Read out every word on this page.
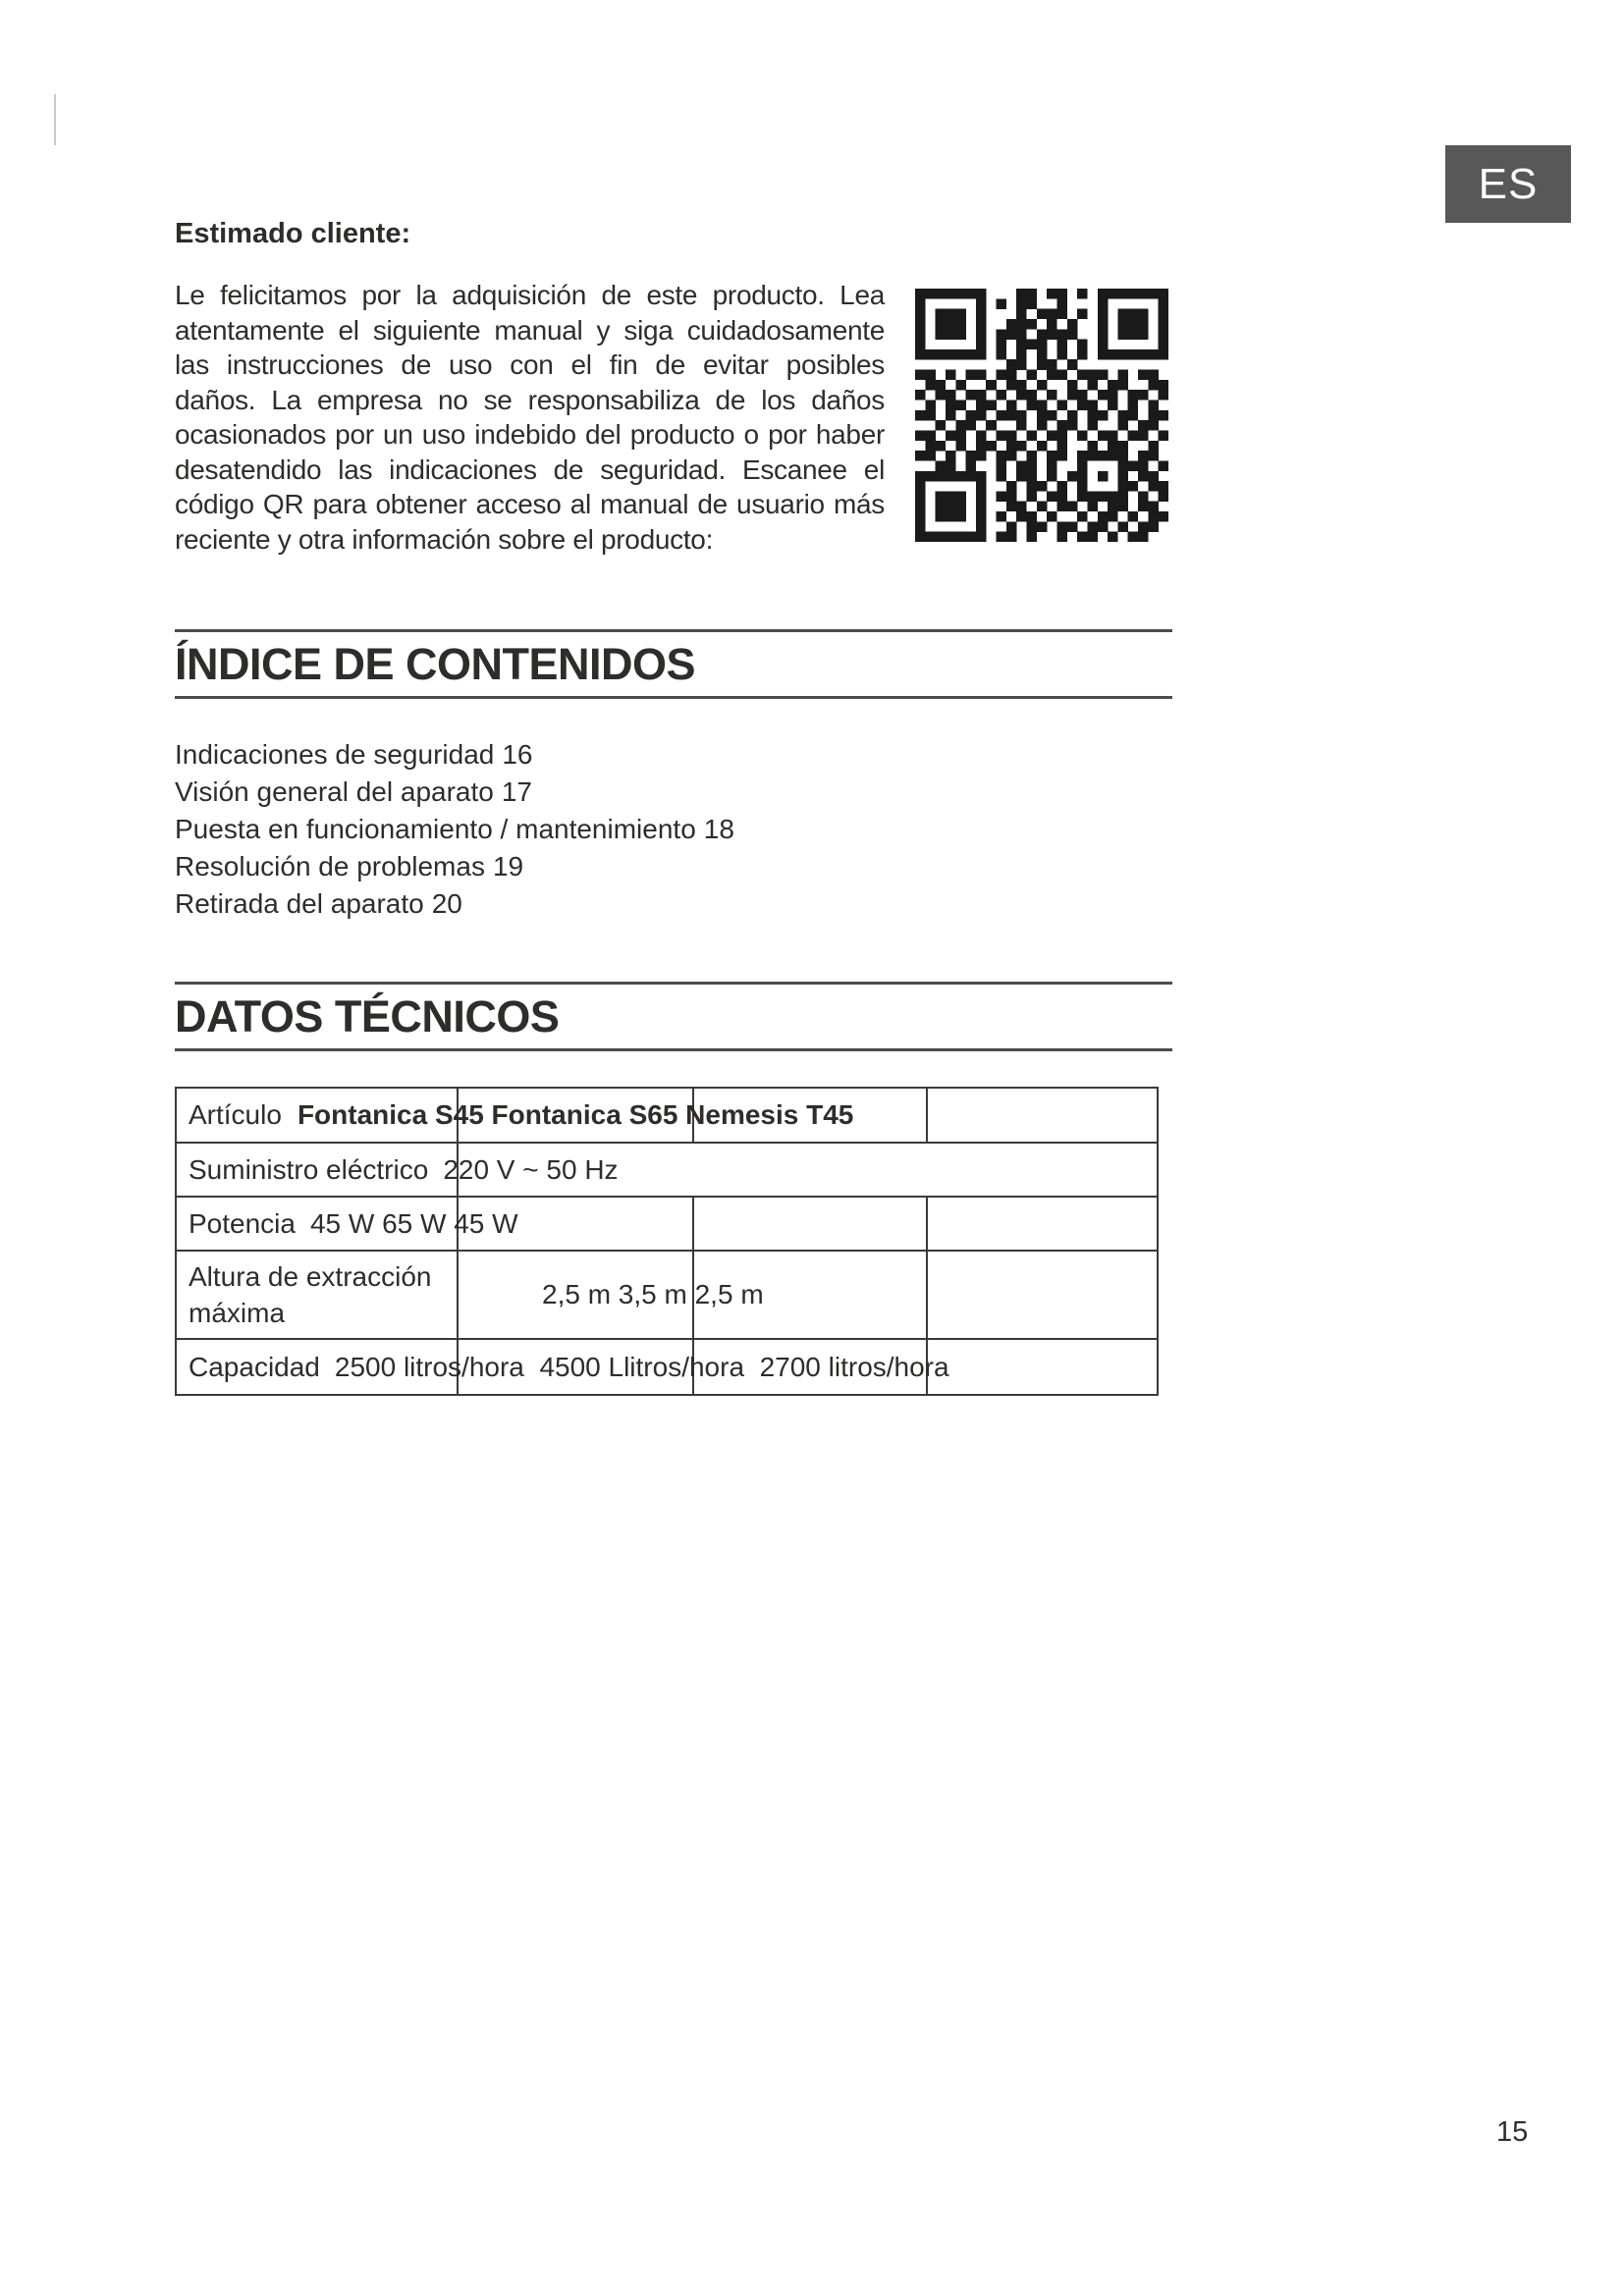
ES
Estimado cliente:
Le felicitamos por la adquisición de este producto. Lea
atentamente el siguiente manual y siga cuidadosamente
las instrucciones de uso con el fin de evitar posibles
daños. La empresa no se responsabiliza de los daños
ocasionados por un uso indebido del producto o por haber
desatendido las indicaciones de seguridad. Escanee el
código QR para obtener acceso al manual de usuario más
reciente y otra información sobre el producto:
ÍNDICE DE CONTENIDOS
Indicaciones de seguridad 16
Visión general del aparato 17
Puesta en funcionamiento / mantenimiento 18
Resolución de problemas 19
Retirada del aparato 20
DATOS TÉCNICOS
Artículo Fontanica S45 Fontanica S65 Nemesis T45
Suministro eléctrico 220 V ~ 50 Hz
Potencia 45 W 65 W 45 W
Altura de extracción máxima
2,5 m 3,5 m 2,5 m
Capacidad 2500 litros/hora  4500 Llitros/hora  2700 litros/hora
15
